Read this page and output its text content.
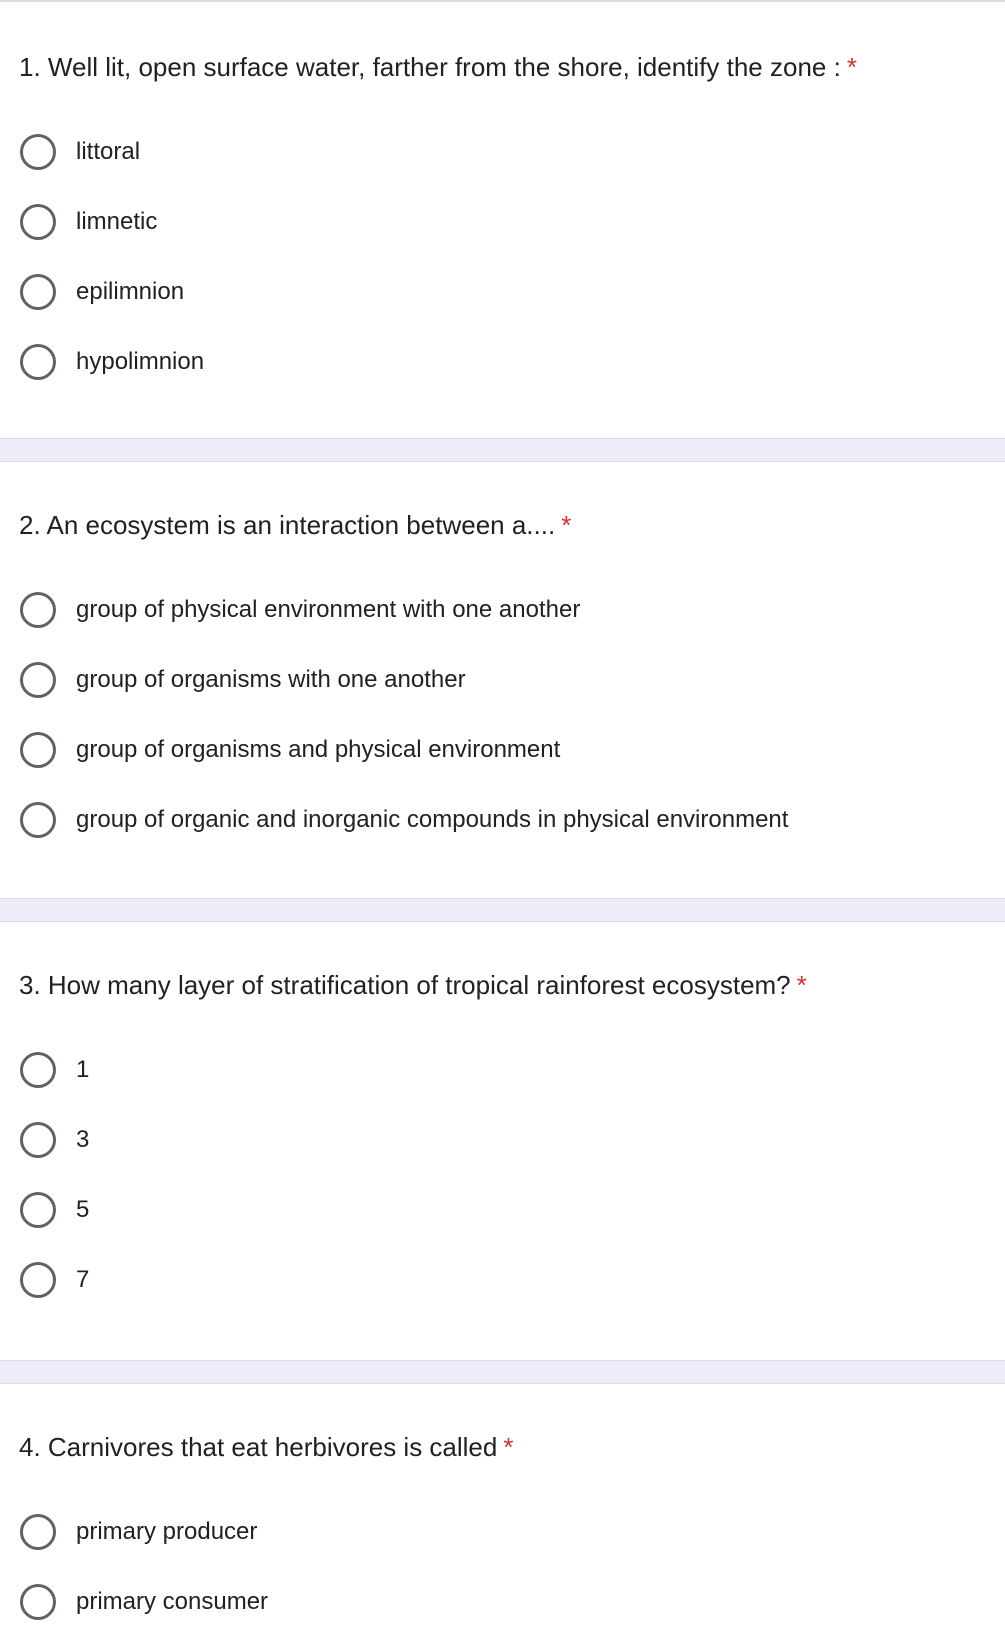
1. Well lit, open surface water, farther from the shore, identify the zone : *
littoral
limnetic
epilimnion
hypolimnion
2. An ecosystem is an interaction between a.... *
group of physical environment with one another
group of organisms with one another
group of organisms and physical environment
group of organic and inorganic compounds in physical environment
3. How many layer of stratification of tropical rainforest ecosystem? *
1
3
5
7
4. Carnivores that eat herbivores is called *
primary producer
primary consumer
